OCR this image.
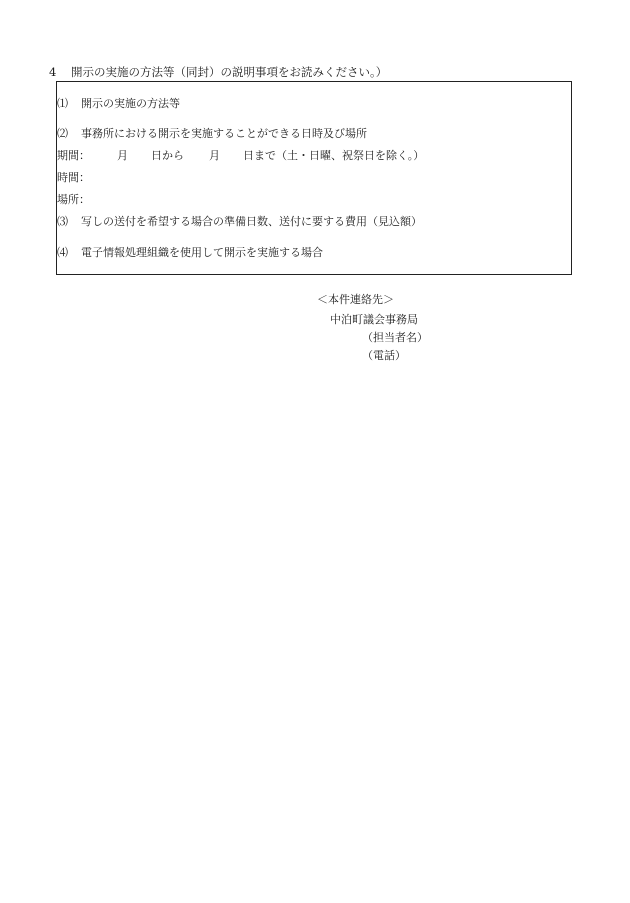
4 開示の実施の方法等（同封）の説明事項をお読みください。）
⑴ 開示の実施の方法等
⑵ 事務所における開示を実施することができる日時及び場所
期間： 月 日から 月 日まで（土・日曜、祝祭日を除く。）
時間：
場所：
⑶ 写しの送付を希望する場合の準備日数、送付に要する費用（見込額）
⑷ 電子情報処理組織を使用して開示を実施する場合
＜本件連絡先＞
中泊町議会事務局
（担当者名）
（電話）
